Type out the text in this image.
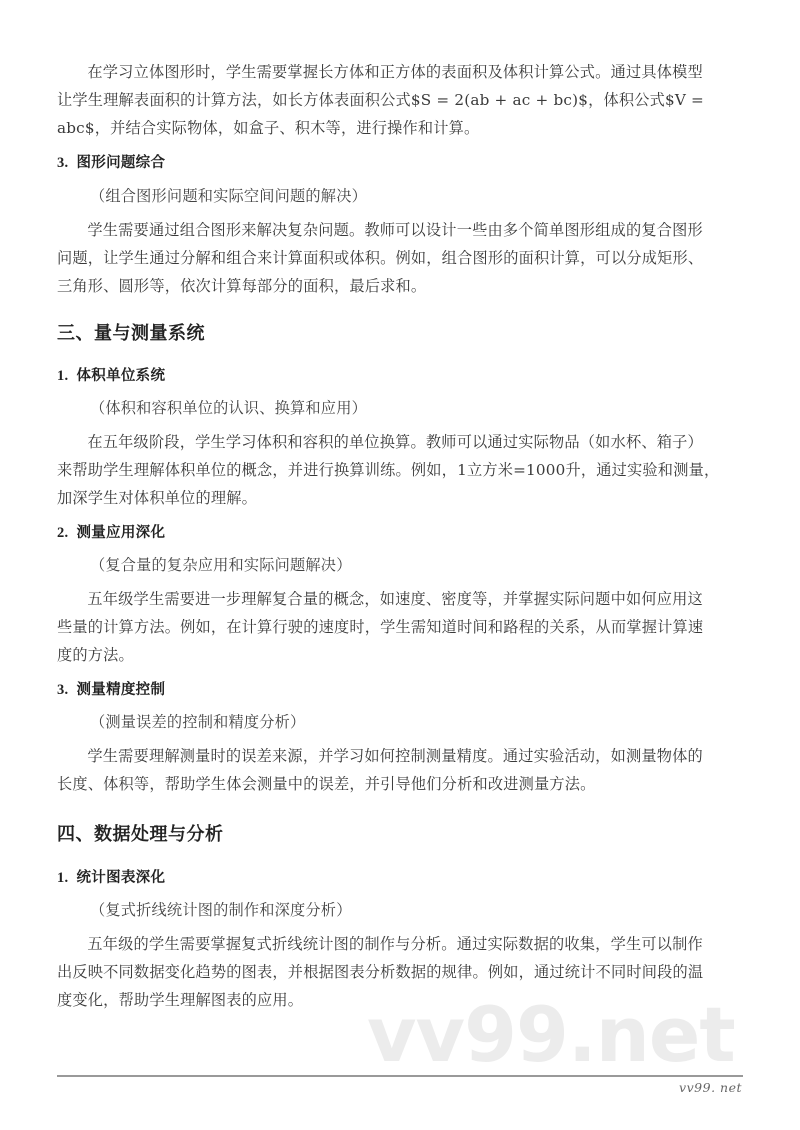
在学习立体图形时，学生需要掌握长方体和正方体的表面积及体积计算公式。通过具体模型
让学生理解表面积的计算方法，如长方体表面积公式$S = 2(ab + ac + bc)$，体积公式$V =
abc$，并结合实际物体，如盒子、积木等，进行操作和计算。
3. 图形问题综合
（组合图形问题和实际空间问题的解决）
学生需要通过组合图形来解决复杂问题。教师可以设计一些由多个简单图形组成的复合图形
问题，让学生通过分解和组合来计算面积或体积。例如，组合图形的面积计算，可以分成矩形、
三角形、圆形等，依次计算每部分的面积，最后求和。
三、量与测量系统
1. 体积单位系统
（体积和容积单位的认识、换算和应用）
在五年级阶段，学生学习体积和容积的单位换算。教师可以通过实际物品（如水杯、箱子）
来帮助学生理解体积单位的概念，并进行换算训练。例如，1立方米=1000升，通过实验和测量，
加深学生对体积单位的理解。
2. 测量应用深化
（复合量的复杂应用和实际问题解决）
五年级学生需要进一步理解复合量的概念，如速度、密度等，并掌握实际问题中如何应用这
些量的计算方法。例如，在计算行驶的速度时，学生需知道时间和路程的关系，从而掌握计算速
度的方法。
3. 测量精度控制
（测量误差的控制和精度分析）
学生需要理解测量时的误差来源，并学习如何控制测量精度。通过实验活动，如测量物体的
长度、体积等，帮助学生体会测量中的误差，并引导他们分析和改进测量方法。
四、数据处理与分析
1. 统计图表深化
（复式折线统计图的制作和深度分析）
五年级的学生需要掌握复式折线统计图的制作与分析。通过实际数据的收集，学生可以制作
出反映不同数据变化趋势的图表，并根据图表分析数据的规律。例如，通过统计不同时间段的温
度变化，帮助学生理解图表的应用。 vv99.net
vv99. net
